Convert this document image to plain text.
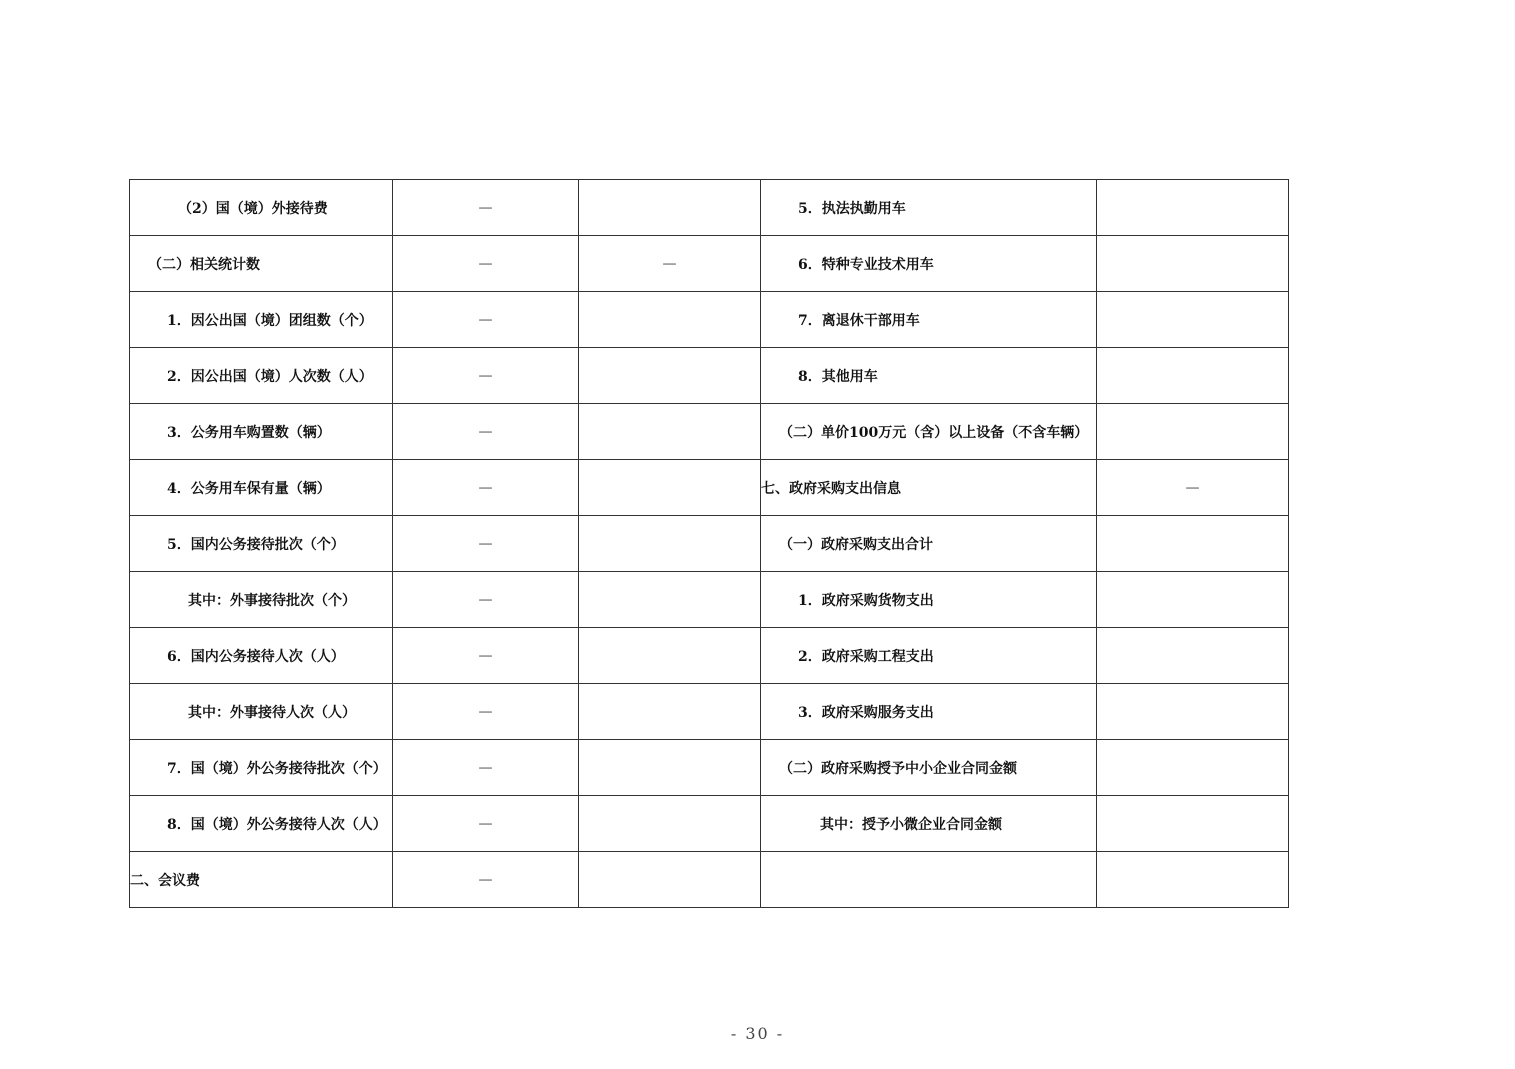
（2）国（境）外接待费	—		5．执法执勤用车	
（二）相关统计数	—	—	6．特种专业技术用车	
1．因公出国（境）团组数（个）	—		7．离退休干部用车	
2．因公出国（境）人次数（人）	—		8．其他用车	
3．公务用车购置数（辆）	—		（二）单价100万元（含）以上设备（不含车辆）	
4．公务用车保有量（辆）	—		七、政府采购支出信息	—
5．国内公务接待批次（个）	—		（一）政府采购支出合计	
其中：外事接待批次（个）	—		1．政府采购货物支出	
6．国内公务接待人次（人）	—		2．政府采购工程支出	
其中：外事接待人次（人）	—		3．政府采购服务支出	
7．国（境）外公务接待批次（个）	—		（二）政府采购授予中小企业合同金额	
8．国（境）外公务接待人次（人）	—		其中：授予小微企业合同金额	
二、会议费	—			
- 30 -
